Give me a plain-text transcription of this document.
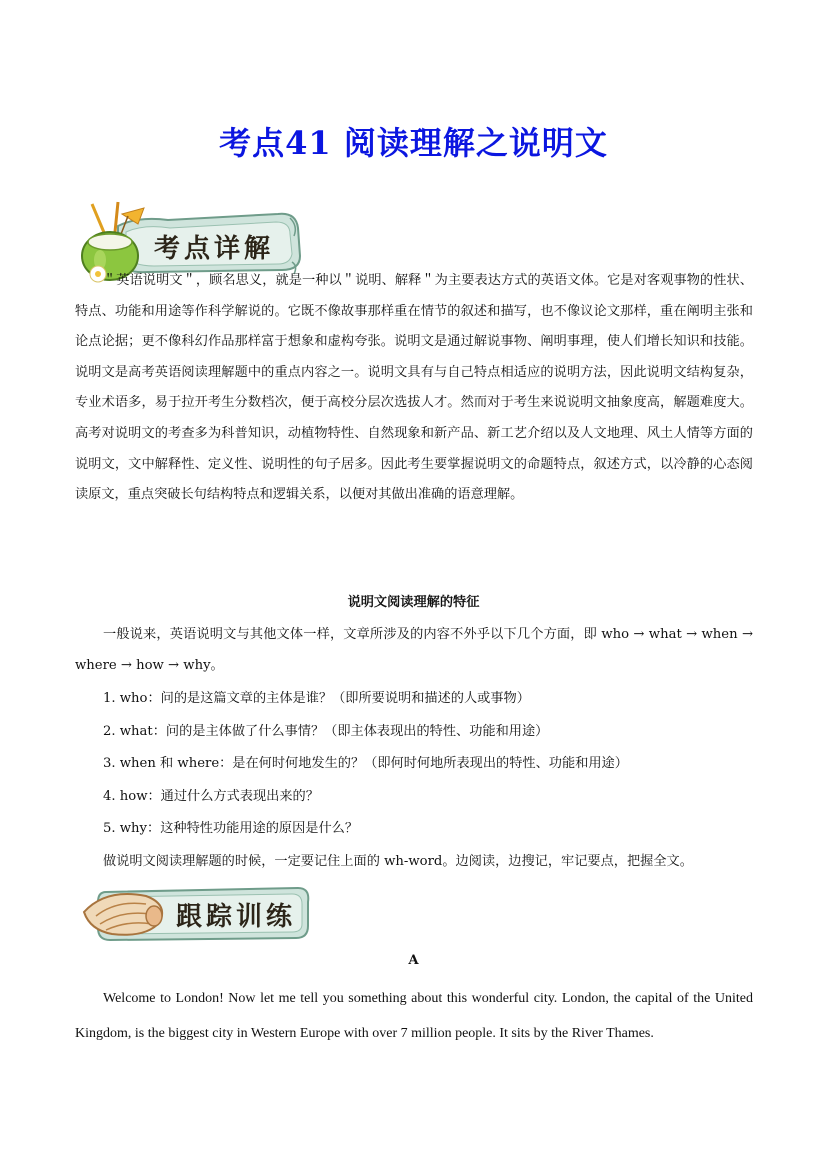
考点41 阅读理解之说明文
考点详解
＂英语说明文＂，顾名思义，就是一种以＂说明、解释＂为主要表达方式的英语文体。它是对客观事物的性状、特点、功能和用途等作科学解说的。它既不像故事那样重在情节的叙述和描写，也不像议论文那样，重在阐明主张和论点论据；更不像科幻作品那样富于想象和虚构夸张。说明文是通过解说事物、阐明事理，使人们增长知识和技能。说明文是高考英语阅读理解题中的重点内容之一。说明文具有与自己特点相适应的说明方法，因此说明文结构复杂，专业术语多，易于拉开考生分数档次，便于高校分层次选拔人才。然而对于考生来说说明文抽象度高，解题难度大。高考对说明文的考查多为科普知识，动植物特性、自然现象和新产品、新工艺介绍以及人文地理、风土人情等方面的说明文，文中解释性、定义性、说明性的句子居多。因此考生要掌握说明文的命题特点，叙述方式，以冷静的心态阅读原文，重点突破长句结构特点和逻辑关系，以便对其做出准确的语意理解。
说明文阅读理解的特征
一般说来，英语说明文与其他文体一样，文章所涉及的内容不外乎以下几个方面，即 who → what → when → where → how → why。
1. who：问的是这篇文章的主体是谁？（即所要说明和描述的人或事物）
2. what：问的是主体做了什么事情？（即主体表现出的特性、功能和用途）
3. when 和 where：是在何时何地发生的？（即何时何地所表现出的特性、功能和用途）
4. how：通过什么方式表现出来的？
5. why：这种特性功能用途的原因是什么？
做说明文阅读理解题的时候，一定要记住上面的 wh-word。边阅读，边搜记，牢记要点，把握全文。
跟踪训练
A
Welcome to London! Now let me tell you something about this wonderful city. London, the capital of the United Kingdom, is the biggest city in Western Europe with over 7 million people. It sits by the River Thames.
